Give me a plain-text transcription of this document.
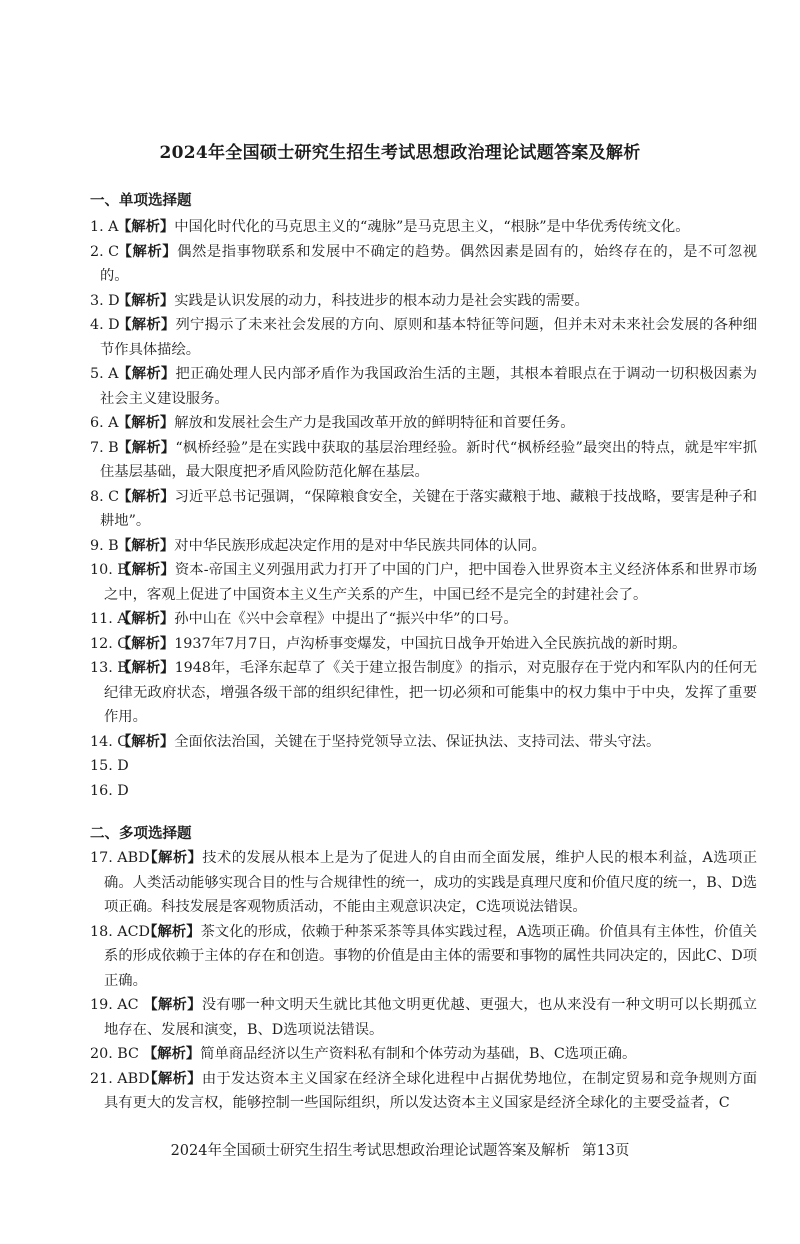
2024年全国硕士研究生招生考试思想政治理论试题答案及解析
一、单项选择题
1. A【解析】中国化时代化的马克思主义的“魂脉”是马克思主义，“根脉”是中华优秀传统文化。
2. C【解析】偶然是指事物联系和发展中不确定的趋势。偶然因素是固有的，始终存在的，是不可忽视的。
3. D【解析】实践是认识发展的动力，科技进步的根本动力是社会实践的需要。
4. D【解析】列宁揭示了未来社会发展的方向、原则和基本特征等问题，但并未对未来社会发展的各种细节作具体描绘。
5. A【解析】把正确处理人民内部矛盾作为我国政治生活的主题，其根本着眼点在于调动一切积极因素为社会主义建设服务。
6. A【解析】解放和发展社会生产力是我国改革开放的鲜明特征和首要任务。
7. B【解析】“枫桥经验”是在实践中获取的基层治理经验。新时代“枫桥经验”最突出的特点，就是牢牢抓住基层基础，最大限度把矛盾风险防范化解在基层。
8. C【解析】习近平总书记强调，“保障粮食安全，关键在于落实藏粮于地、藏粮于技战略，要害是种子和耕地”。
9. B【解析】对中华民族形成起决定作用的是对中华民族共同体的认同。
10. B【解析】资本-帝国主义列强用武力打开了中国的门户，把中国卷入世界资本主义经济体系和世界市场之中，客观上促进了中国资本主义生产关系的产生，中国已经不是完全的封建社会了。
11. A【解析】孙中山在《兴中会章程》中提出了“振兴中华”的口号。
12. C【解析】1937年7月7日，卢沟桥事变爆发，中国抗日战争开始进入全民族抗战的新时期。
13. B【解析】1948年，毛泽东起草了《关于建立报告制度》的指示，对克服存在于党内和军队内的任何无纪律无政府状态，增强各级干部的组织纪律性，把一切必须和可能集中的权力集中于中央，发挥了重要作用。
14. C【解析】全面依法治国，关键在于坚持党领导立法、保证执法、支持司法、带头守法。
15. D
16. D
二、多项选择题
17. ABD【解析】技术的发展从根本上是为了促进人的自由而全面发展，维护人民的根本利益，A选项正确。人类活动能够实现合目的性与合规律性的统一，成功的实践是真理尺度和价值尺度的统一，B、D选项正确。科技发展是客观物质活动，不能由主观意识决定，C选项说法错误。
18. ACD【解析】茶文化的形成，依赖于种茶采茶等具体实践过程，A选项正确。价值具有主体性，价值关系的形成依赖于主体的存在和创造。事物的价值是由主体的需要和事物的属性共同决定的，因此C、D项正确。
19. AC 【解析】没有哪一种文明天生就比其他文明更优越、更强大，也从来没有一种文明可以长期孤立地存在、发展和演变，B、D选项说法错误。
20. BC 【解析】简单商品经济以生产资料私有制和个体劳动为基础，B、C选项正确。
21. ABD【解析】由于发达资本主义国家在经济全球化进程中占据优势地位，在制定贸易和竞争规则方面具有更大的发言权，能够控制一些国际组织，所以发达资本主义国家是经济全球化的主要受益者，C
2024年全国硕士研究生招生考试思想政治理论试题答案及解析 第13页
